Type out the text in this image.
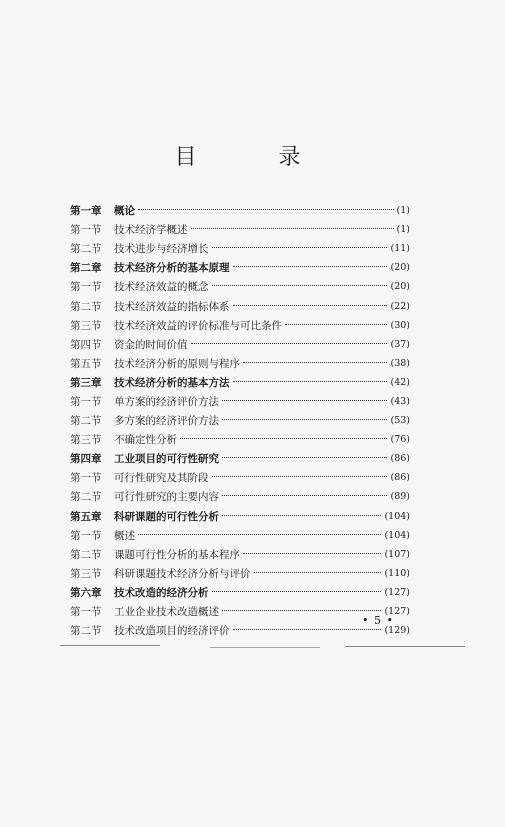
目　录
第一章	概论	(1)
第一节	技术经济学概述	(1)
第二节	技术进步与经济增长	(11)
第二章	技术经济分析的基本原理	(20)
第一节	技术经济效益的概念	(20)
第二节	技术经济效益的指标体系	(22)
第三节	技术经济效益的评价标准与可比条件	(30)
第四节	资金的时间价值	(37)
第五节	技术经济分析的原则与程序	(38)
第三章	技术经济分析的基本方法	(42)
第一节	单方案的经济评价方法	(43)
第二节	多方案的经济评价方法	(53)
第三节	不确定性分析	(76)
第四章	工业项目的可行性研究	(86)
第一节	可行性研究及其阶段	(86)
第二节	可行性研究的主要内容	(89)
第五章	科研课题的可行性分析	(104)
第一节	概述	(104)
第二节	课题可行性分析的基本程序	(107)
第三节	科研课题技术经济分析与评价	(110)
第六章	技术改造的经济分析	(127)
第一节	工业企业技术改造概述	(127)
第二节	技术改造项目的经济评价	(129)
• 5 •
